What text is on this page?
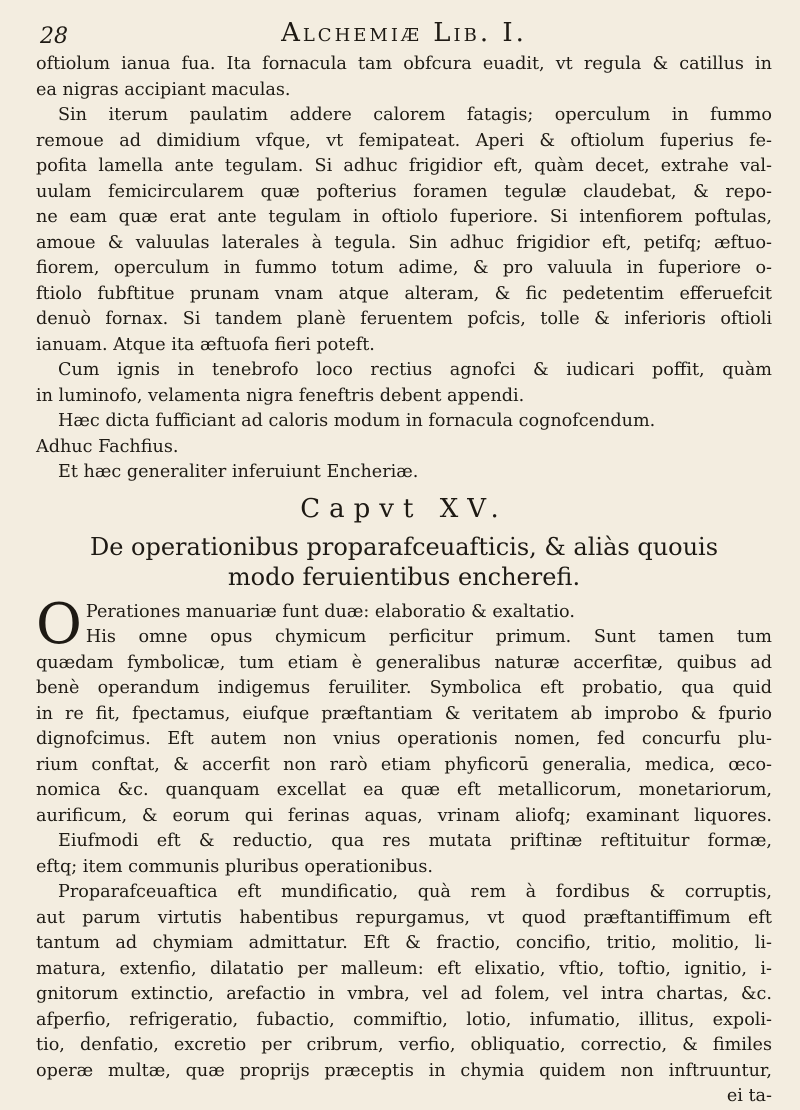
28	Alchemiæ Lib. I.
oftiolum ianua fua. Ita fornacula tam obfcura euadit, vt regula & catillus in
ea nigras accipiant maculas.
Sin iterum paulatim addere calorem fatagis; operculum in fummo
remoue ad dimidium vfque, vt femipateat. Aperi & oftiolum fuperius fe-
pofita lamella ante tegulam. Si adhuc frigidior eft, quàm decet, extrahe val-
uulam femicircularem quæ pofterius foramen tegulæ claudebat, & repo-
ne eam quæ erat ante tegulam in oftiolo fuperiore. Si intenfiorem poftulas,
amoue & valuulas laterales à tegula. Sin adhuc frigidior eft, petifq; æftuo-
fiorem, operculum in fummo totum adime, & pro valuula in fuperiore o-
ftiolo fubftitue prunam vnam atque alteram, & fic pedetentim efferuefcit
denuò fornax. Si tandem planè feruentem pofcis, tolle & inferioris oftioli
ianuam. Atque ita æftuofa fieri poteft.
Cum ignis in tenebrofo loco rectius agnofci & iudicari poffit, quàm
in luminofo, velamenta nigra feneftris debent appendi.
Hæc dicta fufficiant ad caloris modum in fornacula cognofcendum.
Adhuc Fachfius.
Et hæc generaliter inferuiunt Encheriæ.
Capvt XV.
De operationibus proparafceuafticis, & aliàs quouis
modo feruientibus encherefi.
O Perationes manuariæ funt duæ: elaboratio & exaltatio.
His omne opus chymicum perficitur primum. Sunt tamen tum
quædam fymbolicæ, tum etiam è generalibus naturæ accerfitæ, quibus ad
benè operandum indigemus feruiliter. Symbolica eft probatio, qua quid
in re fit, fpectamus, eiufque præftantiam & veritatem ab improbo & fpurio
dignofcimus. Eft autem non vnius operationis nomen, fed concurfu plu-
rium conftat, & accerfit non rarò etiam phyficorū generalia, medica, œco-
nomica &c. quanquam excellat ea quæ eft metallicorum, monetariorum,
aurificum, & eorum qui ferinas aquas, vrinam aliofq; examinant liquores.
Eiufmodi eft & reductio, qua res mutata priftinæ reftituitur formæ,
eftq; item communis pluribus operationibus.
Proparafceuaftica eft mundificatio, quà rem à fordibus & corruptis,
aut parum virtutis habentibus repurgamus, vt quod præftantiffimum eft
tantum ad chymiam admittatur. Eft & fractio, concifio, tritio, molitio, li-
matura, extenfio, dilatatio per malleum: eft elixatio, vftio, toftio, ignitio, i-
gnitorum extinctio, arefactio in vmbra, vel ad folem, vel intra chartas, &c.
afperfio, refrigeratio, fubactio, commiftio, lotio, infumatio, illitus, expoli-
tio, denfatio, excretio per cribrum, verfio, obliquatio, correctio, & fimiles
operæ multæ, quæ proprijs præceptis in chymia quidem non inftruuntur,
ei ta-
